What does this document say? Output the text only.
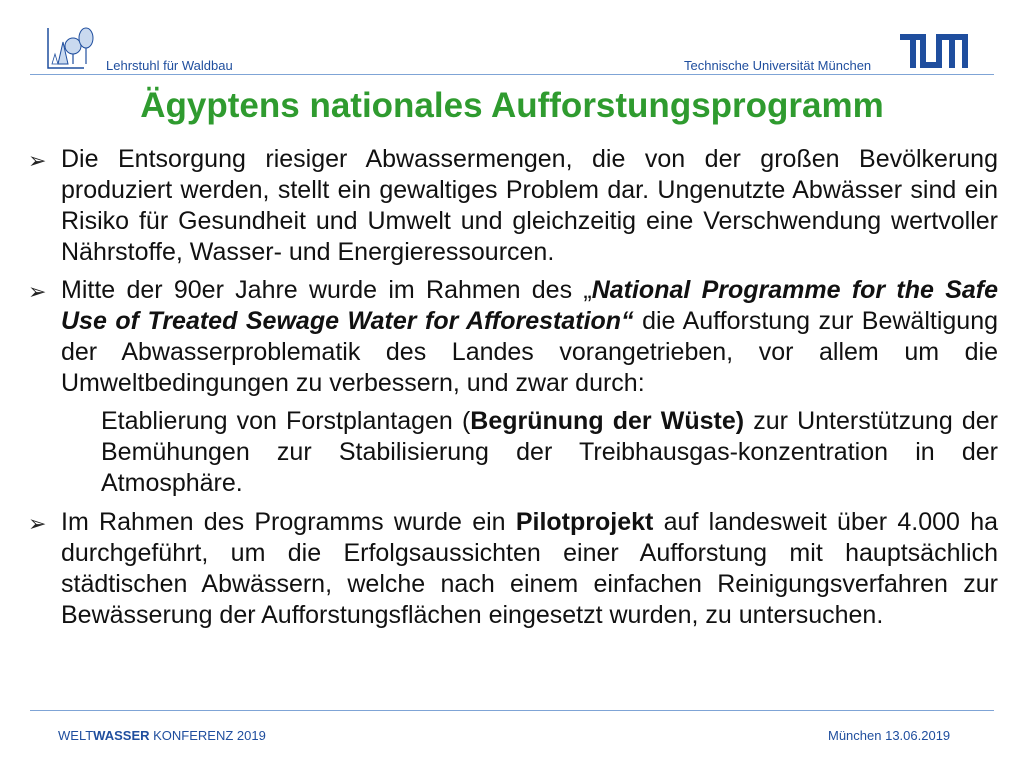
Lehrstuhl für Waldbau	Technische Universität München
Ägyptens nationales Aufforstungsprogramm
➢ Die Entsorgung riesiger Abwassermengen, die von der großen Bevölkerung produziert werden, stellt ein gewaltiges Problem dar. Ungenutzte Abwässer sind ein Risiko für Gesundheit und Umwelt und gleichzeitig eine Verschwendung wertvoller Nährstoffe, Wasser- und Energieressourcen.
➢ Mitte der 90er Jahre wurde im Rahmen des „National Programme for the Safe Use of Treated Sewage Water for Afforestation“ die Aufforstung zur Bewältigung der Abwasserproblematik des Landes vorangetrieben, vor allem um die Umweltbedingungen zu verbessern, und zwar durch:
Etablierung von Forstplantagen (Begrünung der Wüste) zur Unterstützung der Bemühungen zur Stabilisierung der Treibhausgas-konzentration in der Atmosphäre.
➢ Im Rahmen des Programms wurde ein Pilotprojekt auf landesweit über 4.000 ha durchgeführt, um die Erfolgsaussichten einer Aufforstung mit hauptsächlich städtischen Abwässern, welche nach einem einfachen Reinigungsverfahren zur Bewässerung der Aufforstungsflächen eingesetzt wurden, zu untersuchen.
WELTWASSER KONFERENZ 2019	München 13.06.2019
